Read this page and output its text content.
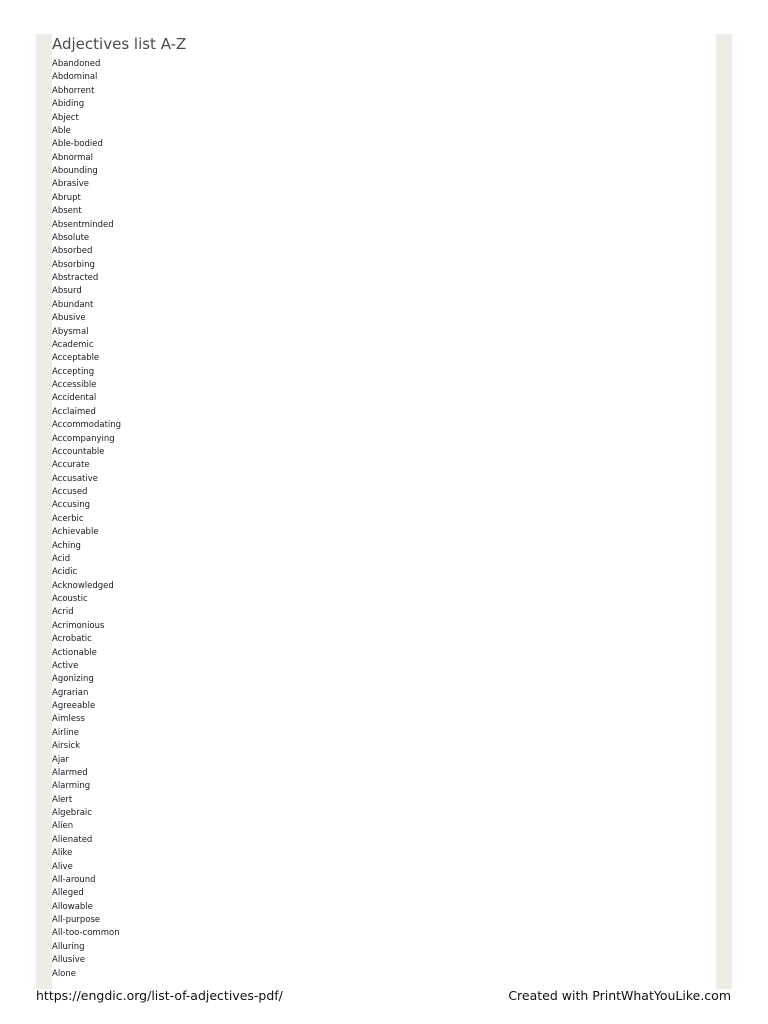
Adjectives list A-Z
Abandoned
Abdominal
Abhorrent
Abiding
Abject
Able
Able-bodied
Abnormal
Abounding
Abrasive
Abrupt
Absent
Absentminded
Absolute
Absorbed
Absorbing
Abstracted
Absurd
Abundant
Abusive
Abysmal
Academic
Acceptable
Accepting
Accessible
Accidental
Acclaimed
Accommodating
Accompanying
Accountable
Accurate
Accusative
Accused
Accusing
Acerbic
Achievable
Aching
Acid
Acidic
Acknowledged
Acoustic
Acrid
Acrimonious
Acrobatic
Actionable
Active
Agonizing
Agrarian
Agreeable
Aimless
Airline
Airsick
Ajar
Alarmed
Alarming
Alert
Algebraic
Alien
Alienated
Alike
Alive
All-around
Alleged
Allowable
All-purpose
All-too-common
Alluring
Allusive
Alone
https://engdic.org/list-of-adjectives-pdf/	Created with PrintWhatYouLike.com
